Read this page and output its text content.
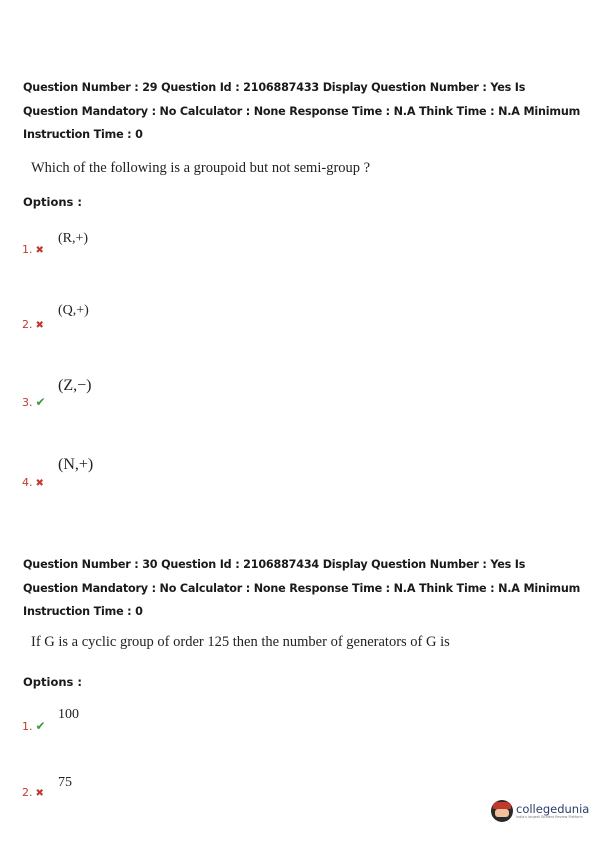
Question Number : 29 Question Id : 2106887433 Display Question Number : Yes Is Question Mandatory : No Calculator : None Response Time : N.A Think Time : N.A Minimum Instruction Time : 0
Which of the following is a groupoid but not semi-group ?
Options :
1. ✖
(R,+)
2. ✖
(Q,+)
3. ✔
(Z,−)
4. ✖
(N,+)
Question Number : 30 Question Id : 2106887434 Display Question Number : Yes Is Question Mandatory : No Calculator : None Response Time : N.A Think Time : N.A Minimum Instruction Time : 0
If G is a cyclic group of order 125 then the number of generators of G is
Options :
1. ✔
100
2. ✖
75
collegedunia
India's largest Student Review Platform
